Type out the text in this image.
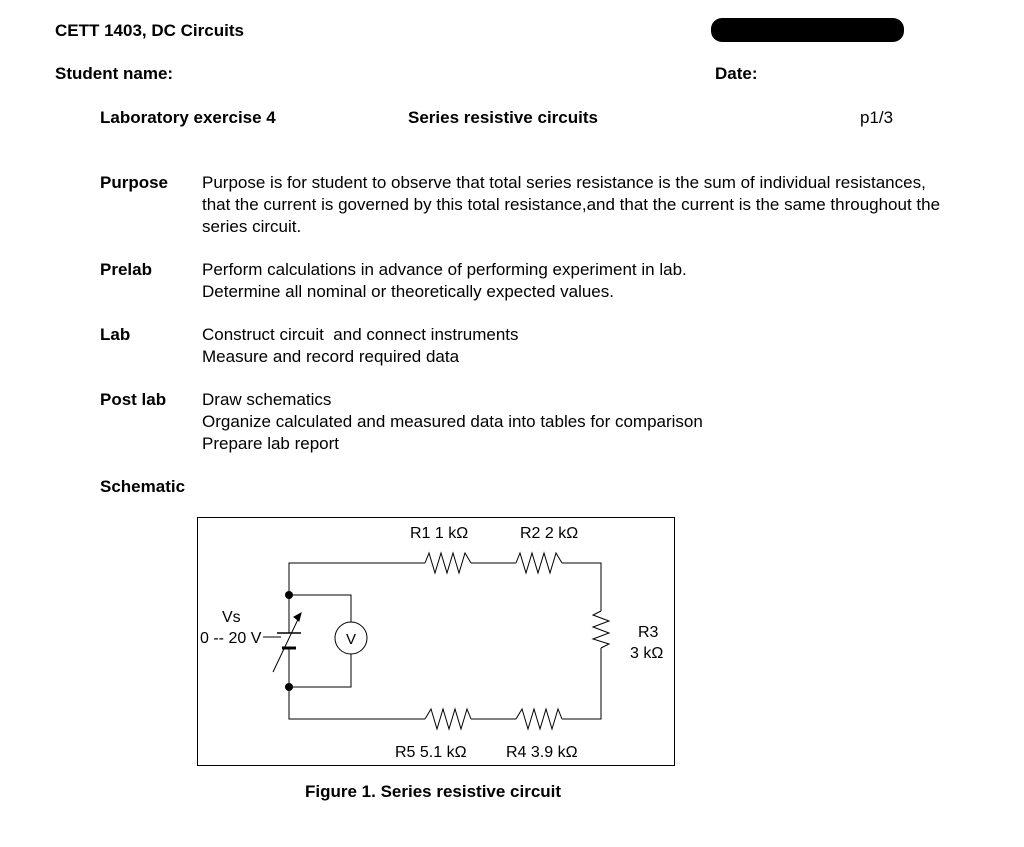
CETT 1403, DC Circuits
Student name:	Date:
Laboratory exercise 4	Series resistive circuits	p1/3
Purpose Purpose is for student to observe that total series resistance is the sum of individual resistances,
that the current is governed by this total resistance,and that the current is the same throughout the
series circuit.
Prelab	Perform calculations in advance of performing experiment in lab.
Determine all nominal or theoretically expected values.
Lab	Construct circuit  and connect instruments
Measure and record required data
Post lab Draw schematics
Organize calculated and measured data into tables for comparison
Prepare lab report
Schematic
V
R1 1 kΩ	R2 2 kΩ
R3
3 kΩ
R5 5.1 kΩ R4 3.9 kΩ
Vs
0 -- 20 V
Figure 1. Series resistive circuit
